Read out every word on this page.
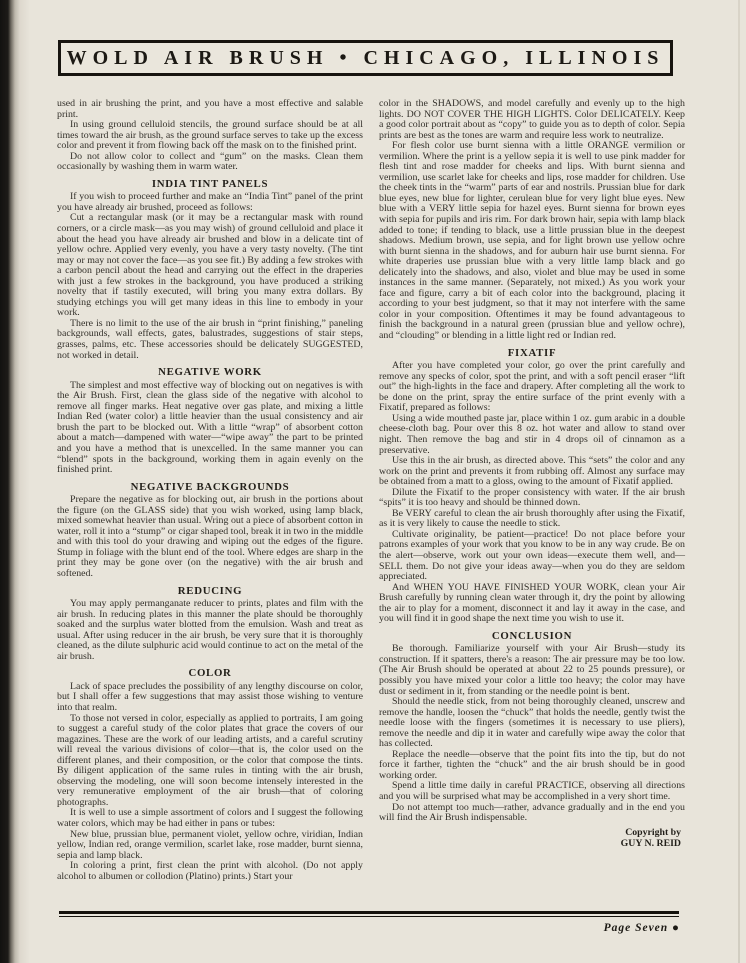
WOLD AIR BRUSH • CHICAGO, ILLINOIS

used in air brushing the print, and you have a most effective and salable print.

In using ground celluloid stencils, the ground surface should be at all times toward the air brush, as the ground surface serves to take up the excess color and prevent it from flowing back off the mask on to the finished print.

Do not allow color to collect and “gum” on the masks. Clean them occasionally by washing them in warm water.

INDIA TINT PANELS

If you wish to proceed further and make an “India Tint” panel of the print you have already air brushed, proceed as follows:

Cut a rectangular mask (or it may be a rectangular mask with round corners, or a circle mask—as you may wish) of ground celluloid and place it about the head you have already air brushed and blow in a delicate tint of yellow ochre. Applied very evenly, you have a very tasty novelty. (The tint may or may not cover the face—as you see fit.) By adding a few strokes with a carbon pencil about the head and carrying out the effect in the draperies with just a few strokes in the background, you have produced a striking novelty that if tastily executed, will bring you many extra dollars. By studying etchings you will get many ideas in this line to embody in your work.

There is no limit to the use of the air brush in “print finishing,” paneling backgrounds, wall effects, gates, balustrades, suggestions of stair steps, grasses, palms, etc. These accessories should be delicately SUGGESTED, not worked in detail.

NEGATIVE WORK

The simplest and most effective way of blocking out on negatives is with the Air Brush. First, clean the glass side of the negative with alcohol to remove all finger marks. Heat negative over gas plate, and mixing a little Indian Red (water color) a little heavier than the usual consistency and air brush the part to be blocked out. With a little “wrap” of absorbent cotton about a match—dampened with water—“wipe away” the part to be printed and you have a method that is unexcelled. In the same manner you can “blend” spots in the background, working them in again evenly on the finished print.

NEGATIVE BACKGROUNDS

Prepare the negative as for blocking out, air brush in the portions about the figure (on the GLASS side) that you wish worked, using lamp black, mixed somewhat heavier than usual. Wring out a piece of absorbent cotton in water, roll it into a “stump” or cigar shaped tool, break it in two in the middle and with this tool do your drawing and wiping out the edges of the figure. Stump in foliage with the blunt end of the tool. Where edges are sharp in the print they may be gone over (on the negative) with the air brush and softened.

REDUCING

You may apply permanganate reducer to prints, plates and film with the air brush. In reducing plates in this manner the plate should be thoroughly soaked and the surplus water blotted from the emulsion. Wash and treat as usual. After using reducer in the air brush, be very sure that it is thoroughly cleaned, as the dilute sulphuric acid would continue to act on the metal of the air brush.

COLOR

Lack of space precludes the possibility of any lengthy discourse on color, but I shall offer a few suggestions that may assist those wishing to venture into that realm.

To those not versed in color, especially as applied to portraits, I am going to suggest a careful study of the color plates that grace the covers of our magazines. These are the work of our leading artists, and a careful scrutiny will reveal the various divisions of color—that is, the color used on the different planes, and their composition, or the color that compose the tints. By diligent application of the same rules in tinting with the air brush, observing the modeling, one will soon become intensely interested in the very remunerative employment of the air brush—that of coloring photographs.

It is well to use a simple assortment of colors and I suggest the following water colors, which may be had either in pans or tubes:

New blue, prussian blue, permanent violet, yellow ochre, viridian, Indian yellow, Indian red, orange vermilion, scarlet lake, rose madder, burnt sienna, sepia and lamp black.

In coloring a print, first clean the print with alcohol. (Do not apply alcohol to albumen or collodion (Platino) prints.) Start your

color in the SHADOWS, and model carefully and evenly up to the high lights. DO NOT COVER THE HIGH LIGHTS. Color DELICATELY. Keep a good color portrait about as “copy” to guide you as to depth of color. Sepia prints are best as the tones are warm and require less work to neutralize.

For flesh color use burnt sienna with a little ORANGE vermilion or vermilion. Where the print is a yellow sepia it is well to use pink madder for flesh tint and rose madder for cheeks and lips. With burnt sienna and vermilion, use scarlet lake for cheeks and lips, rose madder for children. Use the cheek tints in the “warm” parts of ear and nostrils. Prussian blue for dark blue eyes, new blue for lighter, cerulean blue for very light blue eyes. New blue with a VERY little sepia for hazel eyes. Burnt sienna for brown eyes with sepia for pupils and iris rim. For dark brown hair, sepia with lamp black added to tone; if tending to black, use a little prussian blue in the deepest shadows. Medium brown, use sepia, and for light brown use yellow ochre with burnt sienna in the shadows, and for auburn hair use burnt sienna. For white draperies use prussian blue with a very little lamp black and go delicately into the shadows, and also, violet and blue may be used in some instances in the same manner. (Separately, not mixed.) As you work your face and figure, carry a bit of each color into the background, placing it according to your best judgment, so that it may not interfere with the same color in your composition. Oftentimes it may be found advantageous to finish the background in a natural green (prussian blue and yellow ochre), and “clouding” or blending in a little light red or Indian red.

FIXATIF

After you have completed your color, go over the print carefully and remove any specks of color, spot the print, and with a soft pencil eraser “lift out” the high-lights in the face and drapery. After completing all the work to be done on the print, spray the entire surface of the print evenly with a Fixatif, prepared as follows:

Using a wide mouthed paste jar, place within 1 oz. gum arabic in a double cheese-cloth bag. Pour over this 8 oz. hot water and allow to stand over night. Then remove the bag and stir in 4 drops oil of cinnamon as a preservative.

Use this in the air brush, as directed above. This “sets” the color and any work on the print and prevents it from rubbing off. Almost any surface may be obtained from a matt to a gloss, owing to the amount of Fixatif applied.

Dilute the Fixatif to the proper consistency with water. If the air brush “spits” it is too heavy and should be thinned down.

Be VERY careful to clean the air brush thoroughly after using the Fixatif, as it is very likely to cause the needle to stick.

Cultivate originality, be patient—practice! Do not place before your patrons examples of your work that you know to be in any way crude. Be on the alert—observe, work out your own ideas—execute them well, and—SELL them. Do not give your ideas away—when you do they are seldom appreciated.

And WHEN YOU HAVE FINISHED YOUR WORK, clean your Air Brush carefully by running clean water through it, dry the point by allowing the air to play for a moment, disconnect it and lay it away in the case, and you will find it in good shape the next time you wish to use it.

CONCLUSION

Be thorough. Familiarize yourself with your Air Brush—study its construction. If it spatters, there's a reason: The air pressure may be too low. (The Air Brush should be operated at about 22 to 25 pounds pressure), or possibly you have mixed your color a little too heavy; the color may have dust or sediment in it, from standing or the needle point is bent.

Should the needle stick, from not being thoroughly cleaned, unscrew and remove the handle, loosen the “chuck” that holds the needle, gently twist the needle loose with the fingers (sometimes it is necessary to use pliers), remove the needle and dip it in water and carefully wipe away the color that has collected.

Replace the needle—observe that the point fits into the tip, but do not force it farther, tighten the “chuck” and the air brush should be in good working order.

Spend a little time daily in careful PRACTICE, observing all directions and you will be surprised what may be accomplished in a very short time.

Do not attempt too much—rather, advance gradually and in the end you will find the Air Brush indispensable.

Copyright by
GUY N. REID
Page Seven ●
